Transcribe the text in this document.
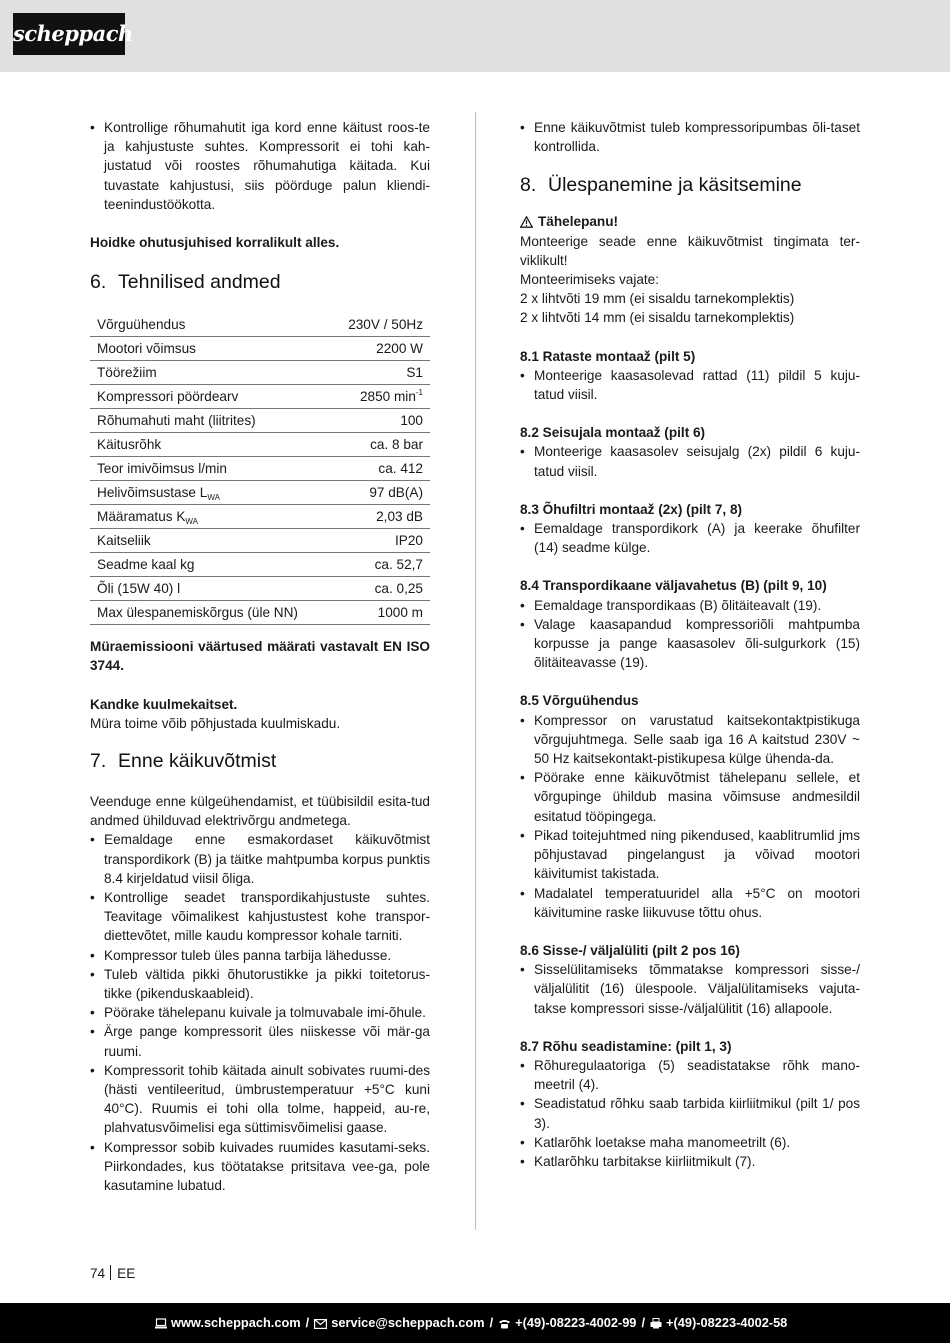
scheppach
• Kontrollige rõhumahutit iga kord enne käitust roos-te ja kahjustuste suhtes. Kompressorit ei tohi kah-justatud või roostes rõhumahutiga käitada. Kui tuvastate kahjustusi, siis pöörduge palun kliendi-teenindustöökotta.

Hoidke ohutusjuhised korralikult alles.

6. Tehnilised andmed
Võrguühendus	230V / 50Hz
Mootori võimsus	2200 W
Töörežiim	S1
Kompressori pöördearv	2850 $\min^{-1}$
Rõhumahuti maht (liitrites)	100
Käitusrõhk	ca. 8 bar
Teor imivõimsus l/min	ca. 412
Helivõimsustase $L_{WA}$	97 dB(A)
Määramatus $K_{WA}$	2,03 dB
Kaitseliik	IP20
Seadme kaal kg	ca. 52,7
Õli (15W 40) l	ca. 0,25
Max ülespanemiskõrgus (üle NN)	1000 m

Müraemissiooni väärtused määrati vastavalt EN ISO 3744.

Kandke kuulmekaitset.

Müra toime võib põhjustada kuulmiskadu.

7. Enne käikuvõtmist

Veenduge enne külgeühendamist, et tüübisildil esita-tud andmed ühilduvad elektrivõrgu andmetega.

• Eemaldage enne esmakordaset käikuvõtmist transpordikork (B) ja täitke mahtpumba korpus punktis 8.4 kirjeldatud viisil õliga.
• Kontrollige seadet transpordikahjustuste suhtes. Teavitage võimalikest kahjustustest kohe transpor-diettevõtet, mille kaudu kompressor kohale tarniti.
• Kompressor tuleb üles panna tarbija lähedusse.
• Tuleb vältida pikki õhutorustikke ja pikki toitetorus-tikke (pikenduskaableid).
• Pöörake tähelepanu kuivale ja tolmuvabale imi-õhule.
• Ärge pange kompressorit üles niiskesse või mär-ga ruumi.
• Kompressorit tohib käitada ainult sobivates ruumi-des (hästi ventileeritud, ümbrustemperatuur +5°C kuni 40°C). Ruumis ei tohi olla tolme, happeid, au-re, plahvatusvõimelisi ega süttimisvõimelisi gaase.
• Kompressor sobib kuivades ruumides kasutami-seks. Piirkondades, kus töötatakse pritsitava vee-ga, pole kasutamine lubatud.
• Enne käikuvõtmist tuleb kompressoripumbas õli-taset kontrollida.
8. Ülespanemine ja käsitsemine

Tähelepanu!

Monteerige seade enne käikuvõtmist tingimata ter-viklikult!

Monteerimiseks vajate:

2 x lihtvõti 19 mm (ei sisaldu tarnekomplektis)

2 x lihtvõti 14 mm (ei sisaldu tarnekomplektis)

8.1 Rataste montaaž (pilt 5)

• Monteerige kaasasolevad rattad (11) pildil 5 kuju-tatud viisil.

8.2 Seisujala montaaž (pilt 6)

• Monteerige kaasasolev seisujalg (2x) pildil 6 kuju-tatud viisil.

8.3 Õhufiltri montaaž (2x) (pilt 7, 8)

• Eemaldage transpordikork (A) ja keerake õhufilter (14) seadme külge.

8.4 Transpordikaane väljavahetus (B) (pilt 9, 10)

• Eemaldage transpordikaas (B) õlitäiteavalt (19).
• Valage kaasapandud kompressoriõli mahtpumba korpusse ja pange kaasasolev õli-sulgurkork (15) õlitäiteavasse (19).

8.5 Võrguühendus

• Kompressor on varustatud kaitsekontaktpistikuga võrgujuhtmega. Selle saab iga 16 A kaitstud 230V ~ 50 Hz kaitsekontakt-pistikupesa külge ühenda-da.
• Pöörake enne käikuvõtmist tähelepanu sellele, et võrgupinge ühildub masina võimsuse andmesildil esitatud tööpingega.
• Pikad toitejuhtmed ning pikendused, kaablitrumlid jms põhjustavad pingelangust ja võivad mootori käivitumist takistada.
• Madalatel temperatuuridel alla +5°C on mootori käivitumine raske liikuvuse tõttu ohus.

8.6 Sisse-/ väljalüliti (pilt 2 pos 16)

• Sisselülitamiseks tõmmatakse kompressori sisse-/ väljalülitit (16) ülespoole. Väljalülitamiseks vajuta-takse kompressori sisse-/väljalülitit (16) allapoole.

8.7 Rõhu seadistamine: (pilt 1, 3)

• Rõhuregulaatoriga (5) seadistatakse rõhk mano-meetril (4).
• Seadistatud rõhku saab tarbida kiirliitmikul (pilt 1/ pos 3).
• Katlarõhk loetakse maha manomeetrilt (6).
• Katlarõhku tarbitakse kiirliitmikult (7).
74 EE
www.scheppach.com / service@scheppach.com / +(49)-08223-4002-99 / +(49)-08223-4002-58
